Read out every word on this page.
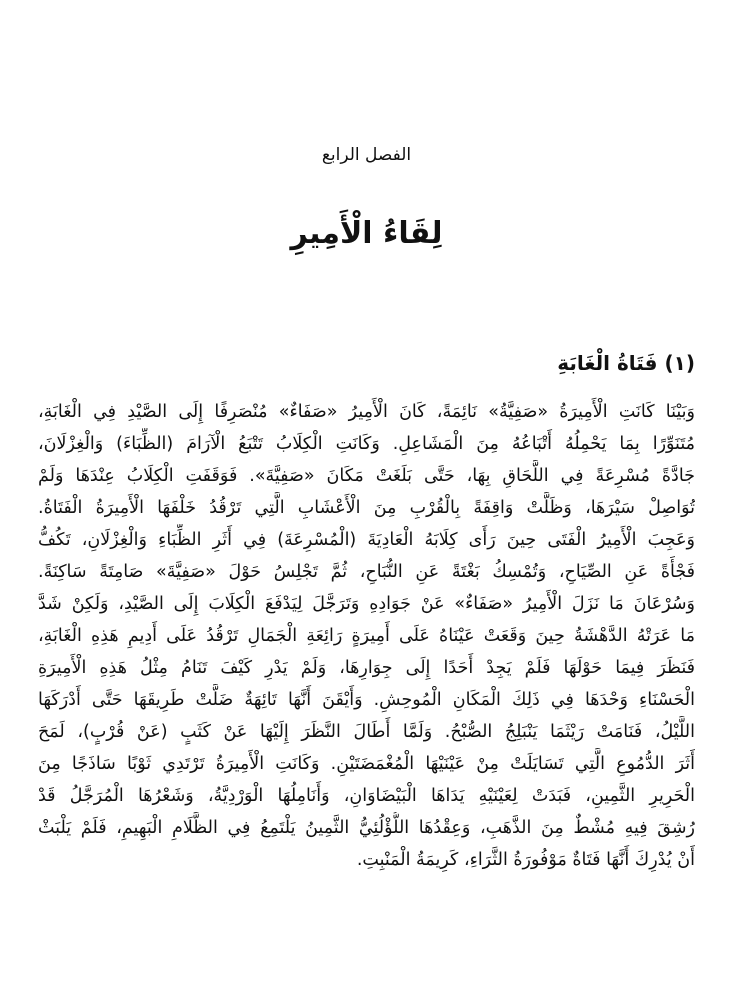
الفصل الرابع
لِقَاءُ الْأَمِيرِ
(١) فَتَاةُ الْغَابَةِ
وَبَيْنَا كَانَتِ الْأَمِيرَةُ «صَفِيَّةُ» نَائِمَةً، كَانَ الْأَمِيرُ «صَفَاءٌ» مُنْصَرِفًا إِلَى الصَّيْدِ فِي الْغَابَةِ،
مُتَنَوِّرًا بِمَا يَحْمِلُهُ أَتْبَاعُهُ مِنَ الْمَشَاعِلِ. وَكَانَتِ الْكِلَابُ تَتْبَعُ الْآرَامَ (الظِّبَاءَ) وَالْغِزْلَانَ،
جَادَّةً مُسْرِعَةً فِي اللَّحَاقِ بِهَا، حَتَّى بَلَغَتْ مَكَانَ «صَفِيَّةَ». فَوَقَفَتِ الْكِلَابُ عِنْدَهَا وَلَمْ
تُوَاصِلْ سَيْرَهَا، وَظَلَّتْ وَاقِفَةً بِالْقُرْبِ مِنَ الْأَعْشَابِ الَّتِي تَرْقُدُ خَلْفَهَا الْأَمِيرَةُ الْفَتَاةُ.
وَعَجِبَ الْأَمِيرُ الْفَتَى حِينَ رَأَى كِلَابَهُ الْعَادِيَةَ (الْمُسْرِعَةَ) فِي أَثَرِ الظِّبَاءِ وَالْغِزْلَانِ، تَكُفُّ
فَجْأَةً عَنِ الصِّيَاحِ، وَتُمْسِكُ بَغْتَةً عَنِ النُّبَاحِ، ثُمَّ تَجْلِسُ حَوْلَ «صَفِيَّةَ» صَامِتَةً سَاكِنَةً.
وَسُرْعَانَ مَا نَزَلَ الْأَمِيرُ «صَفَاءٌ» عَنْ جَوَادِهِ وَتَرَجَّلَ لِيَدْفَعَ الْكِلَابَ إِلَى الصَّيْدِ، وَلَكِنْ شَدَّ
مَا عَرَتْهُ الدَّهْشَةُ حِينَ وَقَعَتْ عَيْنَاهُ عَلَى أَمِيرَةٍ رَائِعَةِ الْجَمَالِ تَرْقُدُ عَلَى أَدِيمِ هَذِهِ الْغَابَةِ،
فَنَظَرَ فِيمَا حَوْلَهَا فَلَمْ يَجِدْ أَحَدًا إِلَى جِوَارِهَا، وَلَمْ يَدْرِ كَيْفَ تَنَامُ مِثْلُ هَذِهِ الْأَمِيرَةِ
الْحَسْنَاءِ وَحْدَهَا فِي ذَلِكَ الْمَكَانِ الْمُوحِشِ. وَأَيْقَنَ أَنَّهَا تَائِهَةٌ ضَلَّتْ طَرِيقَهَا حَتَّى أَدْرَكَهَا
اللَّيْلُ، فَنَامَتْ رَيْثَمَا يَنْبَلِجُ الصُّبْحُ. وَلَمَّا أَطَالَ النَّظَرَ إِلَيْهَا عَنْ كَثَبٍ (عَنْ قُرْبٍ)، لَمَحَ
أَثَرَ الدُّمُوعِ الَّتِي تَسَايَلَتْ مِنْ عَيْنَيْهَا الْمُغْمَضَتَيْنِ. وَكَانَتِ الْأَمِيرَةُ تَرْتَدِي ثَوْبًا سَاذَجًا مِنَ
الْحَرِيرِ الثَّمِينِ، فَبَدَتْ لِعَيْنَيْهِ يَدَاهَا الْبَيْضَاوَانِ، وَأَنَامِلُهَا الْوَرْدِيَّةُ، وَشَعْرُهَا الْمُرَجَّلُ قَدْ
رُشِقَ فِيهِ مُشْطٌ مِنَ الذَّهَبِ، وَعِقْدُهَا اللُّؤْلُئِيُّ الثَّمِينُ يَلْتَمِعُ فِي الظَّلَامِ الْبَهِيمِ، فَلَمْ يَلْبَثْ
أَنْ يُدْرِكَ أَنَّهَا فَتَاةٌ مَوْفُورَةُ الثَّرَاءِ، كَرِيمَةُ الْمَنْبِتِ.
